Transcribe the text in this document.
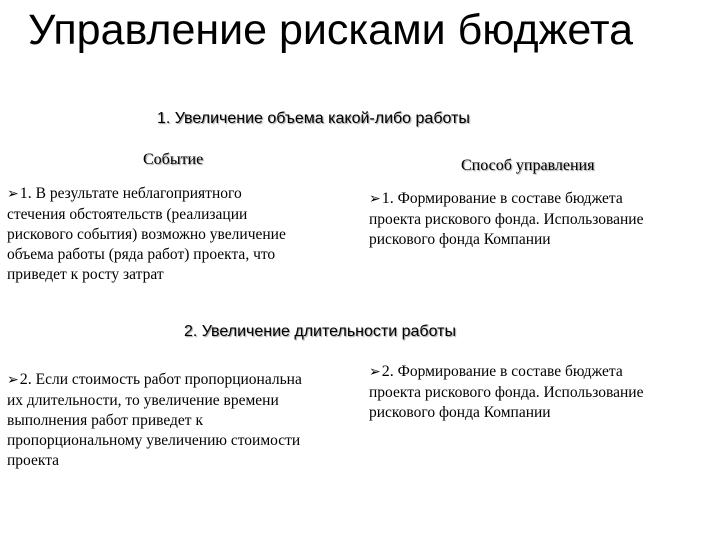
Управление рисками бюджета
1. Увеличение объема какой-либо работы
Событие	Способ управления
➢1. В результате неблагоприятного
стечения обстоятельств (реализации
рискового события) возможно увеличение
объема работы (ряда работ) проекта, что
приведет к росту затрат
➢1. Формирование в составе бюджета
проекта рискового фонда. Использование
рискового фонда Компании
2. Увеличение длительности работы
➢2. Если стоимость работ пропорциональна
их длительности, то увеличение времени
выполнения работ приведет к
пропорциональному увеличению стоимости
проекта
➢2. Формирование в составе бюджета
проекта рискового фонда. Использование
рискового фонда Компании
